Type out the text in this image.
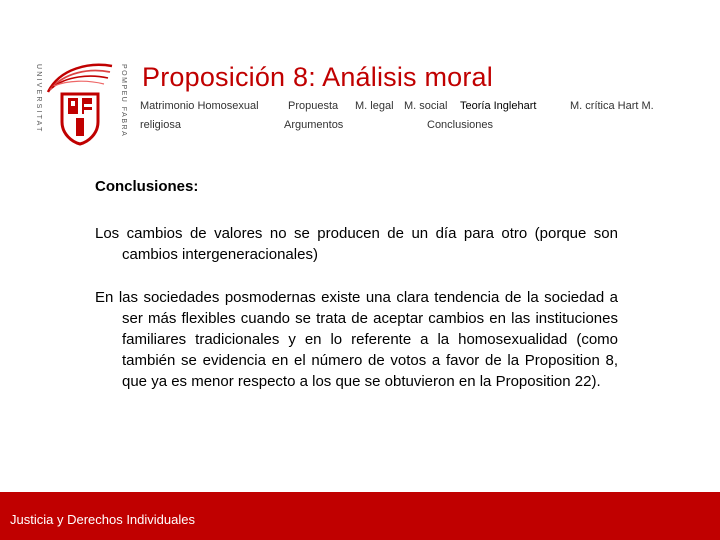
UNIVERSITAT	POMPEU FABRA Proposición 8: Análisis moral
Matrimonio Homosexual	Propuesta M. legal M. social Teoría Inglehart	M. crítica Hart M.
religiosa	Argumentos	Conclusiones
Conclusiones:
Los cambios de valores no se producen de un día para otro (porque son cambios intergeneracionales)
En las sociedades posmodernas existe una clara tendencia de la sociedad a ser más flexibles cuando se trata de aceptar cambios en las instituciones familiares tradicionales y en lo referente a la homosexualidad (como también se evidencia en el número de votos a favor de la Proposition 8, que ya es menor respecto a los que se obtuvieron en la Proposition 22).
Justicia y Derechos Individuales
